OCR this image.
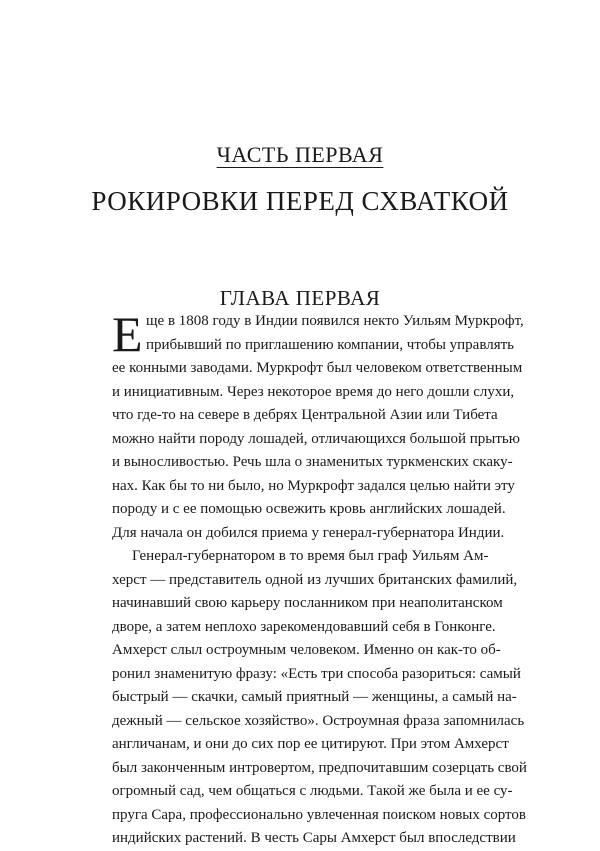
ЧАСТЬ ПЕРВАЯ
РОКИРОВКИ ПЕРЕД СХВАТКОЙ
ГЛАВА ПЕРВАЯ
Е ще в 1808 году в Индии появился некто Уильям Муркрофт,
прибывший по приглашению компании, чтобы управлять
ее конными заводами. Муркрофт был человеком ответственным
и инициативным. Через некоторое время до него дошли слухи,
что где-то на севере в дебрях Центральной Азии или Тибета
можно найти породу лошадей, отличающихся большой прытью
и выносливостью. Речь шла о знаменитых туркменских скаку-
нах. Как бы то ни было, но Муркрофт задался целью найти эту
породу и с ее помощью освежить кровь английских лошадей.
Для начала он добился приема у генерал-губернатора Индии.
Генерал-губернатором в то время был граф Уильям Ам-
херст — представитель одной из лучших британских фамилий,
начинавший свою карьеру посланником при неаполитанском
дворе, а затем неплохо зарекомендовавший себя в Гонконге.
Амхерст слыл остроумным человеком. Именно он как-то об-
ронил знаменитую фразу: «Есть три способа разориться: самый
быстрый — скачки, самый приятный — женщины, а самый на-
дежный — сельское хозяйство». Остроумная фраза запомнилась
англичанам, и они до сих пор ее цитируют. При этом Амхерст
был законченным интровертом, предпочитавшим созерцать свой
огромный сад, чем общаться с людьми. Такой же была и ее су-
пруга Сара, профессионально увлеченная поиском новых сортов
индийских растений. В честь Сары Амхерст был впоследствии
